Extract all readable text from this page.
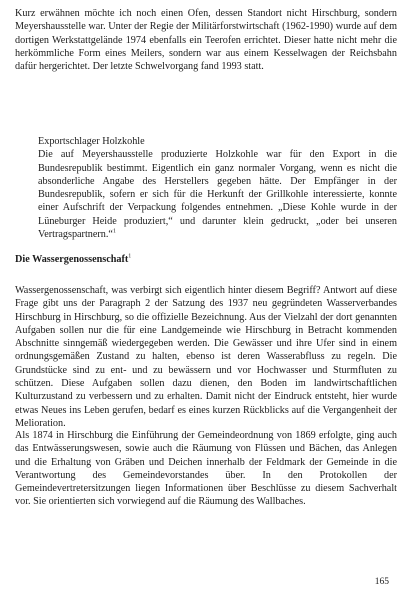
Kurz erwähnen möchte ich noch einen Ofen, dessen Standort nicht Hirschburg, sondern Meyershausstelle war. Unter der Regie der Militärforstwirtschaft (1962-1990) wurde auf dem dortigen Werkstattgelände 1974 ebenfalls ein Teerofen errichtet. Dieser hatte nicht mehr die herkömmliche Form eines Meilers, sondern war aus einem Kesselwagen der Reichsbahn dafür hergerichtet. Der letzte Schwelvorgang fand 1993 statt.

Exportschlager Holzkohle
Die auf Meyershausstelle produzierte Holzkohle war für den Export in die Bundesrepublik bestimmt. Eigentlich ein ganz normaler Vorgang, wenn es nicht die absonderliche Angabe des Herstellers gegeben hätte. Der Empfänger in der Bundesrepublik, sofern er sich für die Herkunft der Grillkohle interessierte, konnte einer Aufschrift der Verpackung folgendes entnehmen. „Diese Kohle wurde in der Lüneburger Heide produziert,“ und darunter klein gedruckt, „oder bei unseren Vertragspartnern.“$^1$
Die Wassergenossenschaft$^1$

Wassergenossenschaft, was verbirgt sich eigentlich hinter diesem Begriff? Antwort auf diese Frage gibt uns der Paragraph 2 der Satzung des 1937 neu gegründeten Wasserverbandes Hirschburg in Hirschburg, so die offizielle Bezeichnung. Aus der Vielzahl der dort genannten Aufgaben sollen nur die für eine Landgemeinde wie Hirschburg in Betracht kommenden Abschnitte sinngemäß wiedergegeben werden. Die Gewässer und ihre Ufer sind in einem ordnungsgemäßen Zustand zu halten, ebenso ist deren Wasserabfluss zu regeln. Die Grundstücke sind zu ent- und zu bewässern und vor Hochwasser und Sturmfluten zu schützen. Diese Aufgaben sollen dazu dienen, den Boden im landwirtschaftlichen Kulturzustand zu verbessern und zu erhalten. Damit nicht der Eindruck entsteht, hier wurde etwas Neues ins Leben gerufen, bedarf es eines kurzen Rückblicks auf die Vergangenheit der Melioration.

Als 1874 in Hirschburg die Einführung der Gemeindeordnung von 1869 erfolgte, ging auch das Entwässerungswesen, sowie auch die Räumung von Flüssen und Bächen, das Anlegen und die Erhaltung von Gräben und Deichen innerhalb der Feldmark der Gemeinde in die Verantwortung des Gemeindevorstandes über. In den Protokollen der Gemeindevertretersitzungen liegen Informationen über Beschlüsse zu diesem Sachverhalt vor. Sie orientierten sich vorwiegend auf die Räumung des Wallbaches.

165
